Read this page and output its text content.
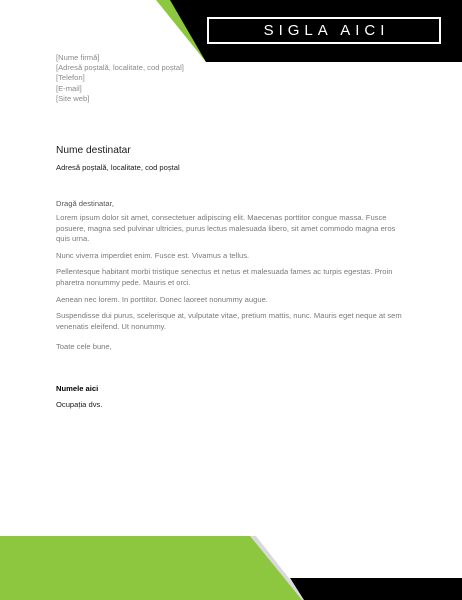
SIGLA AICI
[Nume firmă]
[Adresă poștală, localitate, cod poștal]
[Telefon]
[E-mail]
[Site web]
Nume destinatar
Adresă poștală, localitate, cod poștal
Dragă destinatar,

Lorem ipsum dolor sit amet, consectetuer adipiscing elit. Maecenas porttitor congue massa. Fusce posuere, magna sed pulvinar ultricies, purus lectus malesuada libero, sit amet commodo magna eros quis urna.

Nunc viverra imperdiet enim. Fusce est. Vivamus a tellus.

Pellentesque habitant morbi tristique senectus et netus et malesuada fames ac turpis egestas. Proin pharetra nonummy pede. Mauris et orci.

Aenean nec lorem. In porttitor. Donec laoreet nonummy augue.

Suspendisse dui purus, scelerisque at, vulputate vitae, pretium mattis, nunc. Mauris eget neque at sem venenatis eleifend. Ut nonummy.

Toate cele bune,
Numele aici
Ocupația dvs.
